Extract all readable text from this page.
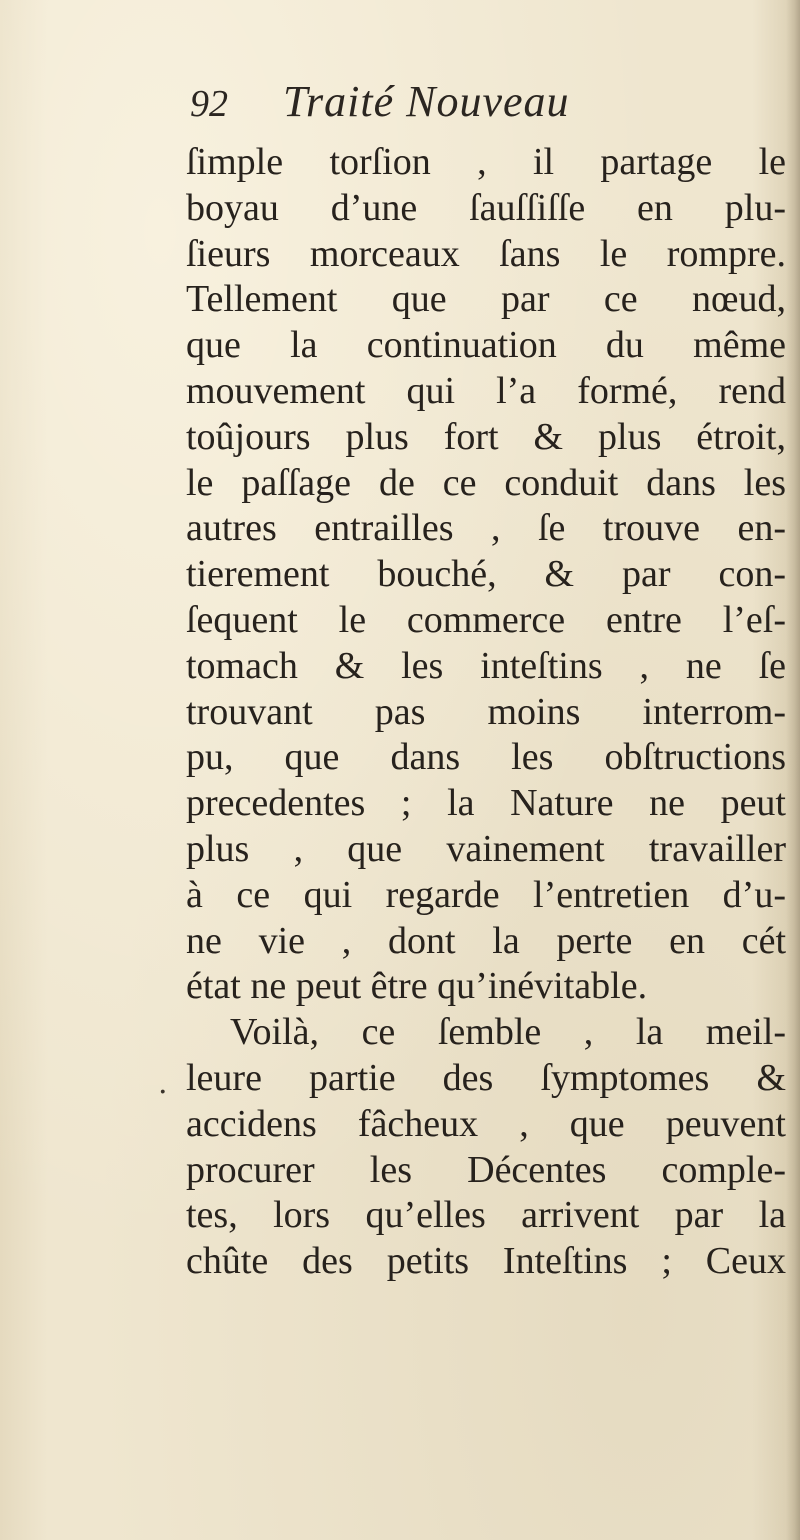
92 Traité Nouveau
.
ſimple torſion , il partage le
boyau d’une ſauſſiſſe en plu-
ſieurs morceaux ſans le rompre.
Tellement que par ce nœud,
que la continuation du même
mouvement qui l’a formé, rend
toûjours plus fort & plus étroit,
le paſſage de ce conduit dans les
autres entrailles , ſe trouve en-
tierement bouché, & par con-
ſequent le commerce entre l’eſ-
tomach & les inteſtins , ne ſe
trouvant pas moins interrom-
pu, que dans les obſtructions
precedentes ; la Nature ne peut
plus , que vainement travailler
à ce qui regarde l’entretien d’u-
ne vie , dont la perte en cét
état ne peut être qu’inévitable.
Voilà, ce ſemble , la meil-
leure partie des ſymptomes &
accidens fâcheux , que peuvent
procurer les Décentes comple-
tes, lors qu’elles arrivent par la
chûte des petits Inteſtins ; Ceux
